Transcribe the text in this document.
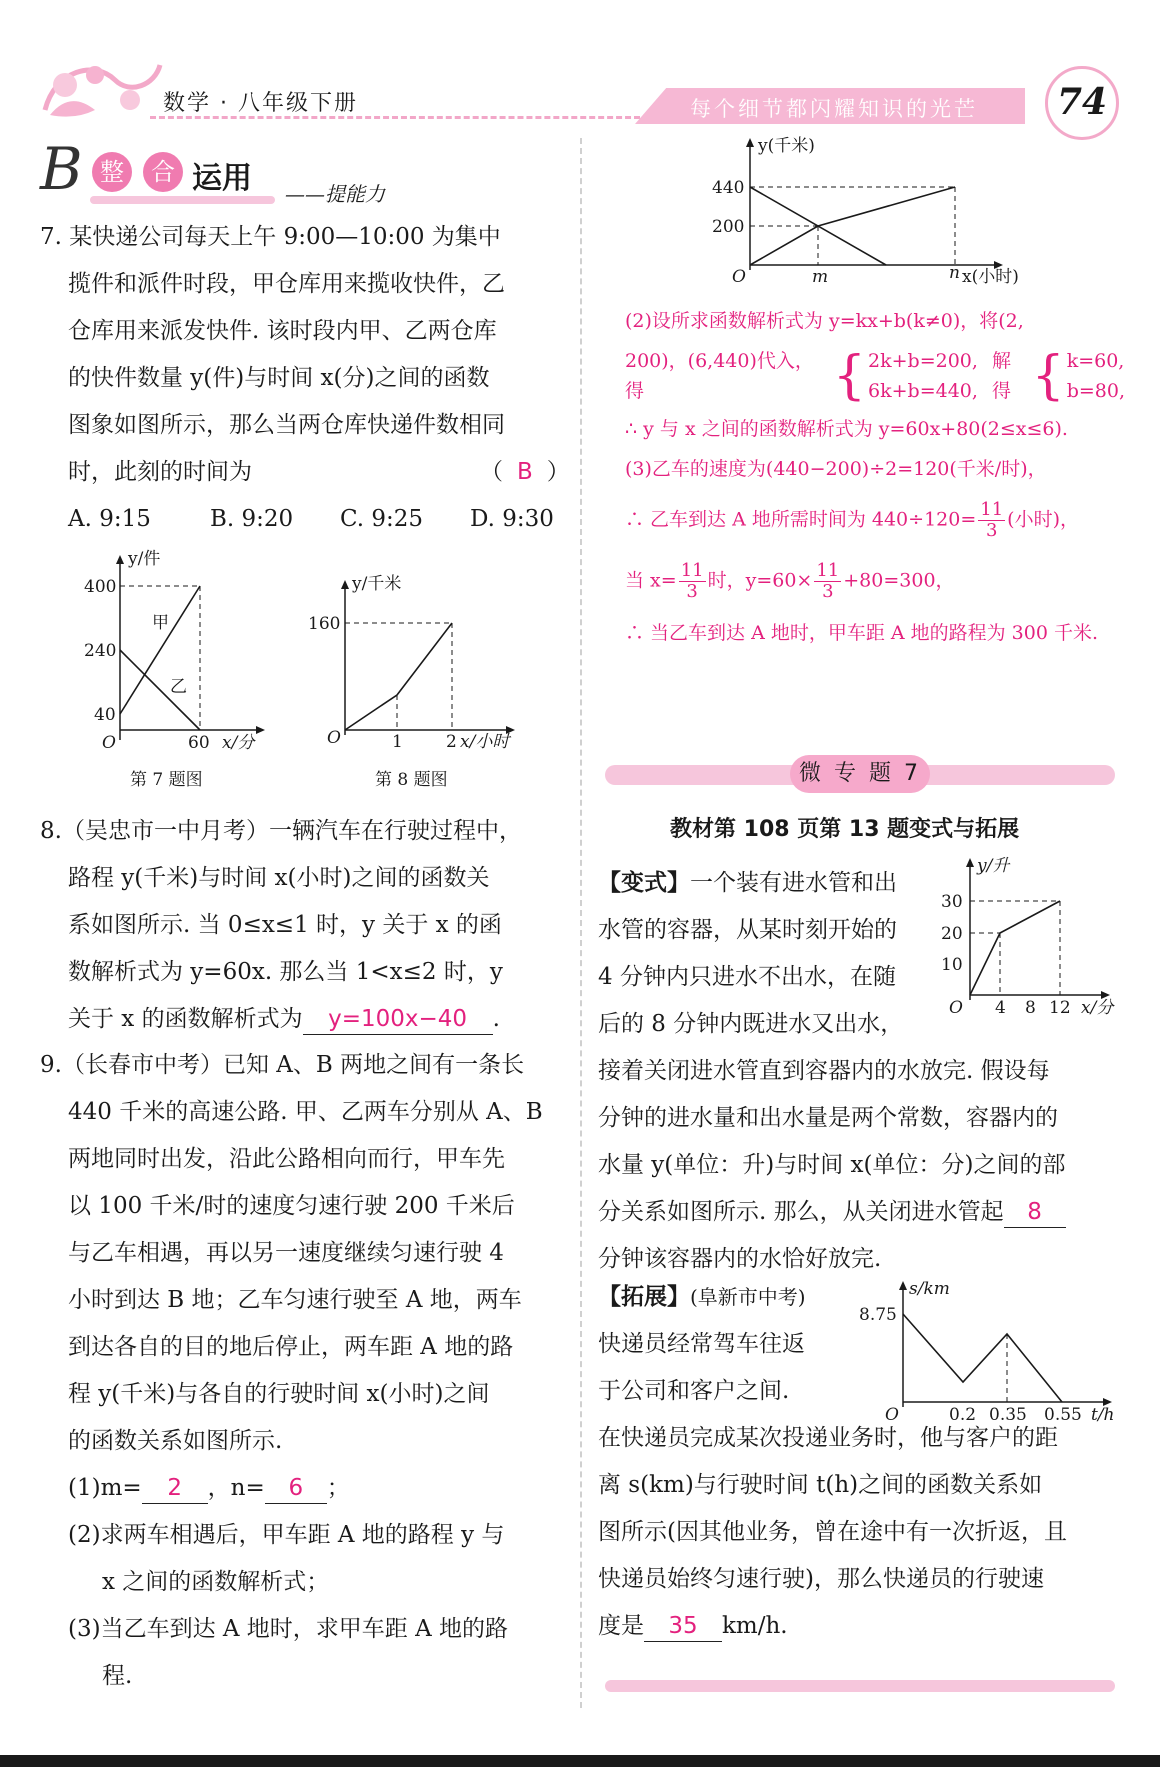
数学 · 八年级下册	每个细节都闪耀知识的光芒	74
B 整	合 运用 ——提能力
7. 某快递公司每天上午 9:00—10:00 为集中
揽件和派件时段，甲仓库用来揽收快件，乙
仓库用来派发快件. 该时段内甲、乙两仓库
的快件数量 y(件)与时间 x(分)之间的函数
图象如图所示，那么当两仓库快递件数相同
时，此刻的时间为	（ B ）
A. 9:15	B. 9:20 C. 9:25 D. 9:30
y/件
400
240
40
O	60 x/分
甲
乙
第 7 题图
y/千米
160
O	1	2 x/小时
第 8 题图
8.（吴忠市一中月考）一辆汽车在行驶过程中，
路程 y(千米)与时间 x(小时)之间的函数关
系如图所示. 当 0≤x≤1 时，y 关于 x 的函
数解析式为 y=60x. 那么当 1<x≤2 时，y
关于 x 的函数解析式为 y=100x−40 .
9.（长春市中考）已知 A、B 两地之间有一条长
440 千米的高速公路. 甲、乙两车分别从 A、B
两地同时出发，沿此公路相向而行，甲车先
以 100 千米/时的速度匀速行驶 200 千米后
与乙车相遇，再以另一速度继续匀速行驶 4
小时到达 B 地；乙车匀速行驶至 A 地，两车
到达各自的目的地后停止，两车距 A 地的路
程 y(千米)与各自的行驶时间 x(小时)之间
的函数关系如图所示.
(1)m= 2 ，n= 6 ；
(2)求两车相遇后，甲车距 A 地的路程 y 与
x 之间的函数解析式；
(3)当乙车到达 A 地时，求甲车距 A 地的路
程.
y(千米)
440
200
O	m	n x(小时)
(2)设所求函数解析式为 y=kx+b(k≠0)，将(2,
200)，(6,440)代入，得	{ 2k+b=200,
6k+b=440,
解得 { k=60,
b=80,
∴ y 与 x 之间的函数解析式为 y=60x+80(2≤x≤6).
(3)乙车的速度为(440−200)÷2=120(千米/时)，
∴ 乙车到达 A 地所需时间为 $440\div 120= \frac{11}{3}$ (小时)，
当 $x= \frac{11}{3}$ 时，$y=60\times \frac{11}{3} +80=300$，
∴ 当乙车到达 A 地时，甲车距 A 地的路程为 300 千米.
微 专 题 7
教材第 108 页第 13 题变式与拓展
【变式】一个装有进水管和出
水管的容器，从某时刻开始的
4 分钟内只进水不出水，在随
后的 8 分钟内既进水又出水，
接着关闭进水管直到容器内的水放完. 假设每
分钟的进水量和出水量是两个常数，容器内的
水量 y(单位：升)与时间 x(单位：分)之间的部
分关系如图所示. 那么，从关闭进水管起 8
分钟该容器内的水恰好放完.
y/升
30
20
10
O 4 8 12 x/分
【拓展】(阜新市中考)
快递员经常驾车往返
于公司和客户之间.
在快递员完成某次投递业务时，他与客户的距
离 s(km)与行驶时间 t(h)之间的函数关系如
图所示(因其他业务，曾在途中有一次折返，且
快递员始终匀速行驶)，那么快递员的行驶速
度是 35 km/h.
s/km
8.75
O	0.2 0.35 0.55 t/h
